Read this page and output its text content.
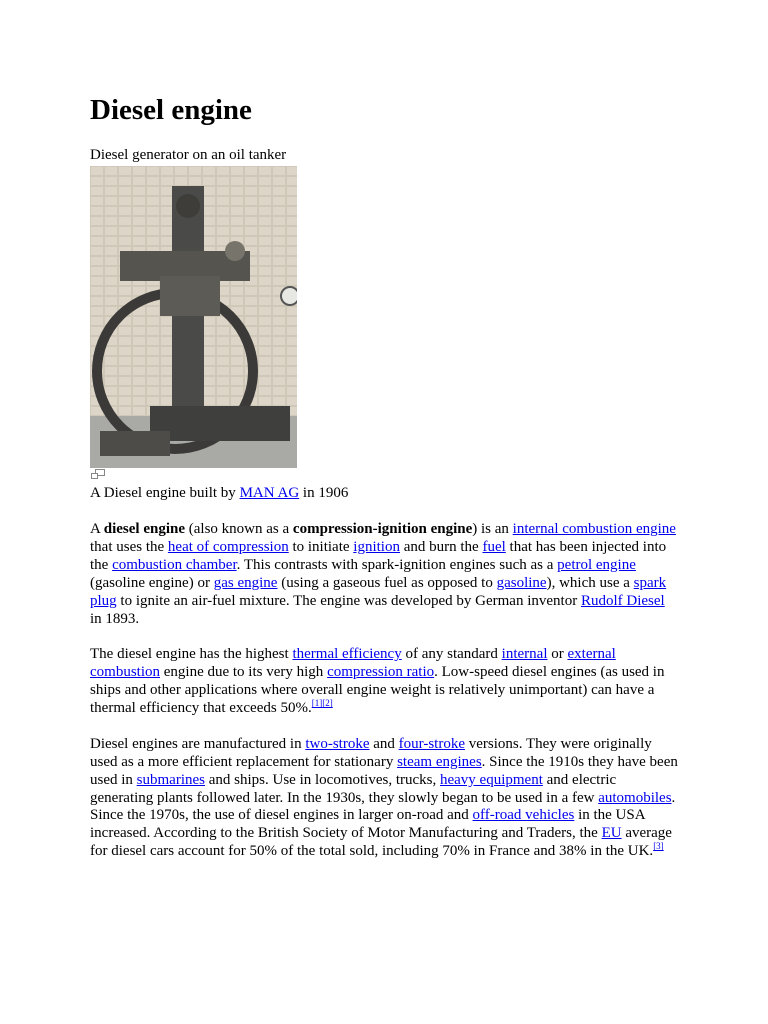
Diesel engine
Diesel generator on an oil tanker
A Diesel engine built by MAN AG in 1906

A diesel engine (also known as a compression-ignition engine) is an internal combustion engine that uses the heat of compression to initiate ignition and burn the fuel that has been injected into the combustion chamber. This contrasts with spark-ignition engines such as a petrol engine (gasoline engine) or gas engine (using a gaseous fuel as opposed to gasoline), which use a spark plug to ignite an air-fuel mixture. The engine was developed by German inventor Rudolf Diesel in 1893.

The diesel engine has the highest thermal efficiency of any standard internal or external combustion engine due to its very high compression ratio. Low-speed diesel engines (as used in ships and other applications where overall engine weight is relatively unimportant) can have a thermal efficiency that exceeds 50%.[1][2]

Diesel engines are manufactured in two-stroke and four-stroke versions. They were originally used as a more efficient replacement for stationary steam engines. Since the 1910s they have been used in submarines and ships. Use in locomotives, trucks, heavy equipment and electric generating plants followed later. In the 1930s, they slowly began to be used in a few automobiles. Since the 1970s, the use of diesel engines in larger on-road and off-road vehicles in the USA increased. According to the British Society of Motor Manufacturing and Traders, the EU average for diesel cars account for 50% of the total sold, including 70% in France and 38% in the UK.[3]
